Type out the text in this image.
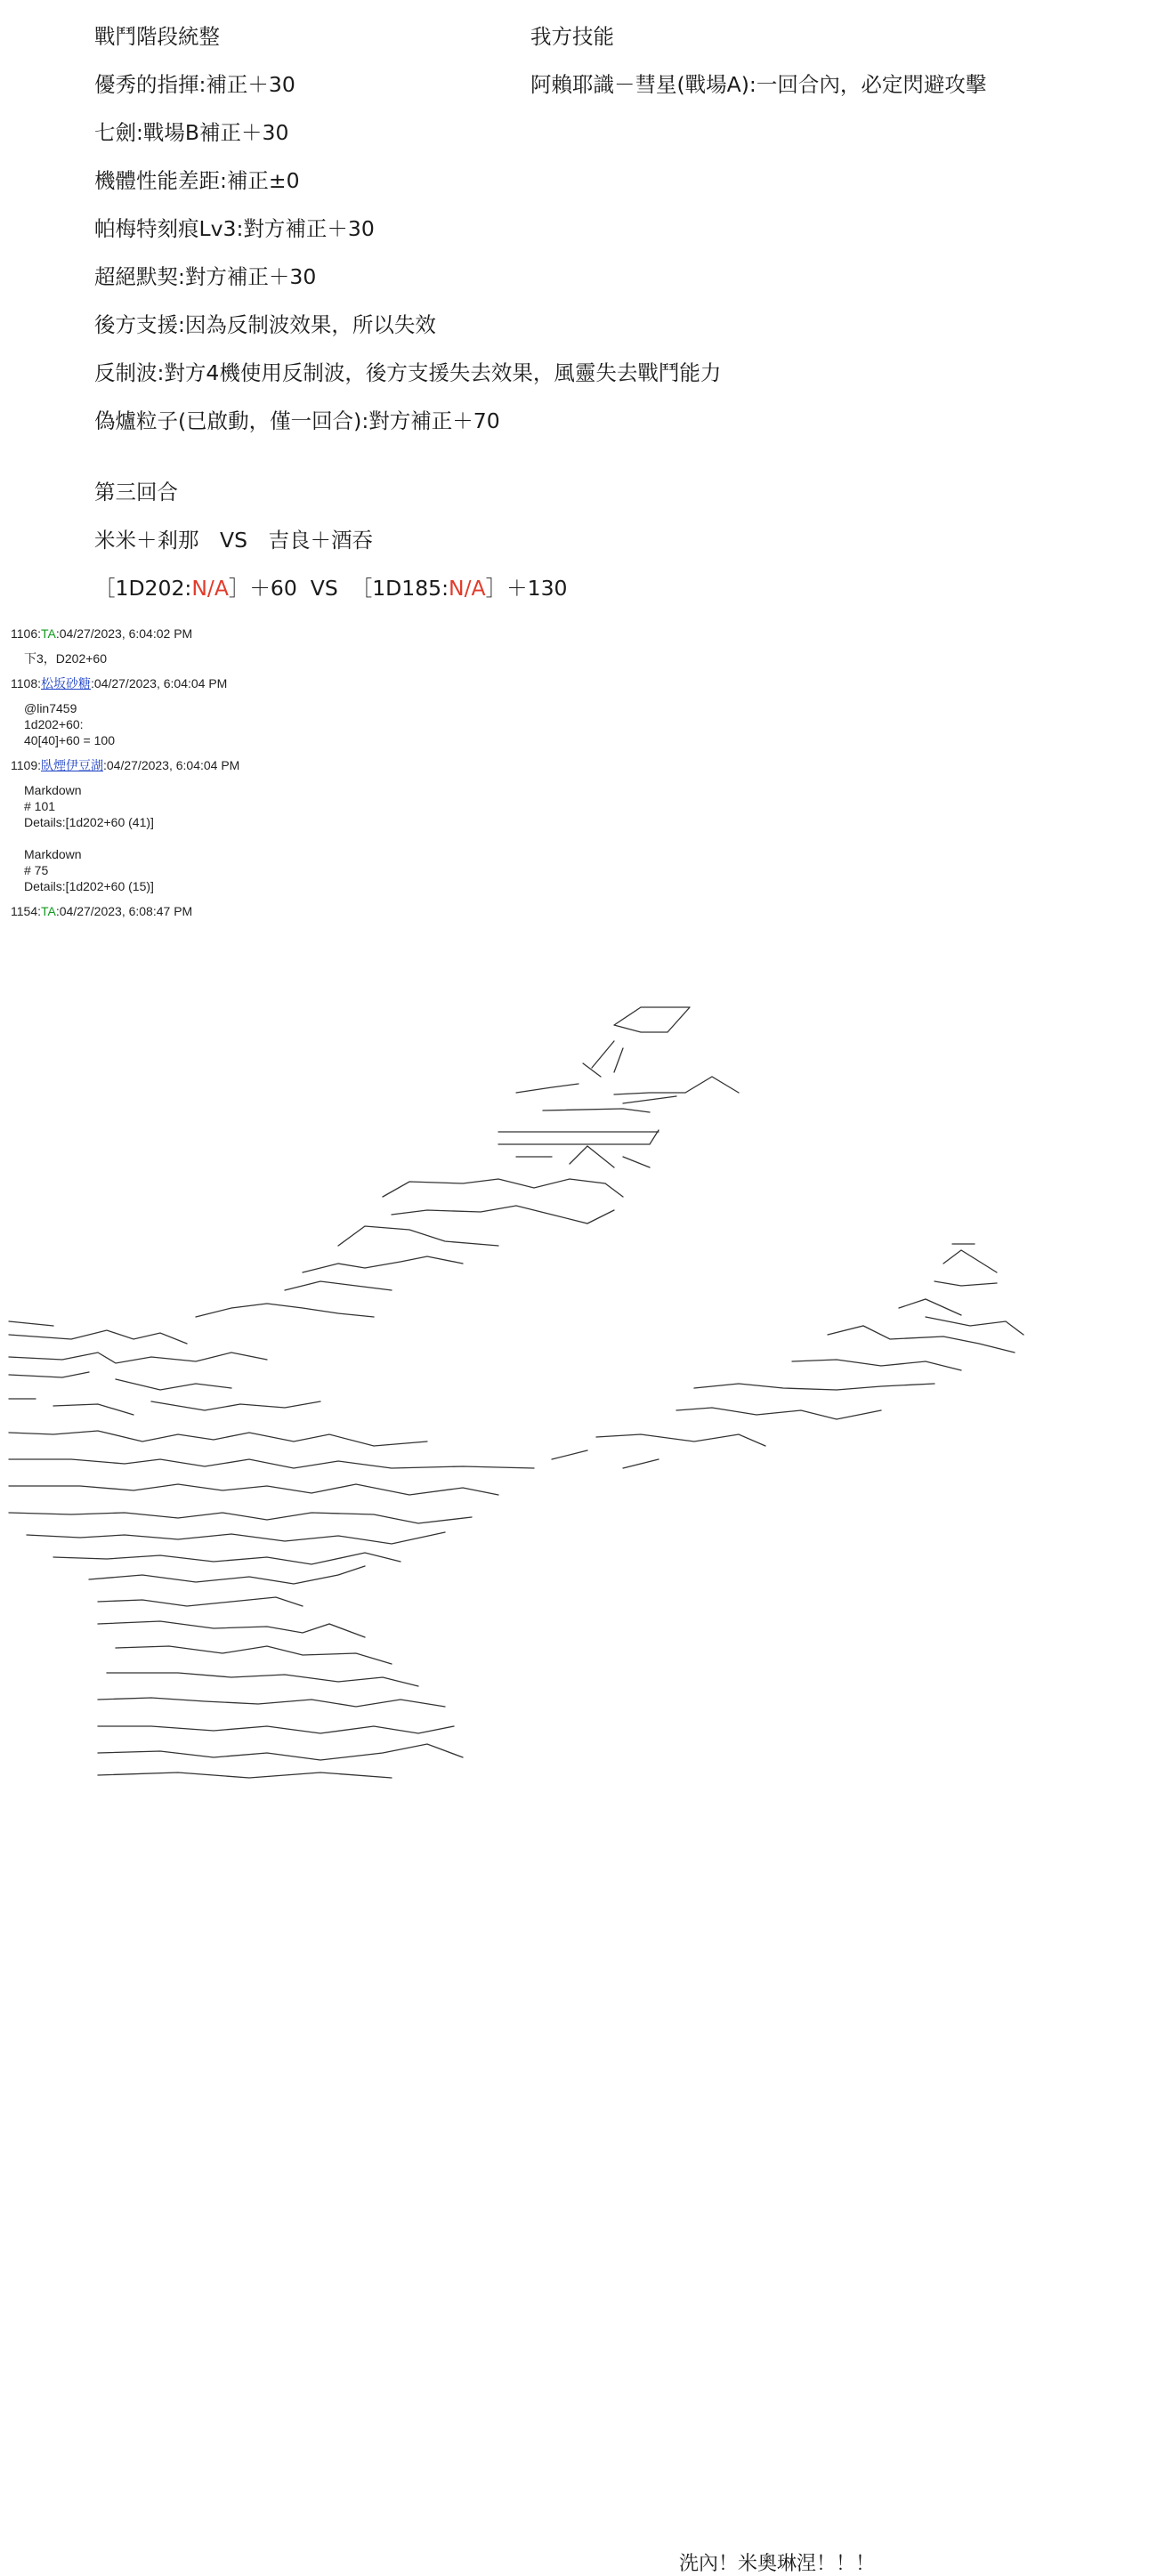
戰鬥階段統整	我方技能
優秀的指揮:補正＋30	阿賴耶識－彗星(戰場A):一回合內，必定閃避攻擊
七劍:戰場B補正＋30
機體性能差距:補正±0
帕梅特刻痕Lv3:對方補正＋30
超絕默契:對方補正＋30
後方支援:因為反制波效果，所以失效
反制波:對方4機使用反制波，後方支援失去效果，風靈失去戰鬥能力
偽爐粒子(已啟動，僅一回合):對方補正＋70
第三回合
米米＋剎那　VS　吉良＋酒吞
［1D202:N/A］＋60 VS ［1D185:N/A］＋130
1106:TA:04/27/2023, 6:04:02 PM
下3，D202+60
1108:松坂砂糖:04/27/2023, 6:04:04 PM
@lin7459
1d202+60:
40[40]+60 = 100
1109:臥煙伊豆湖:04/27/2023, 6:04:04 PM
Markdown
# 101
Details:[1d202+60 (41)]
Markdown
# 75
Details:[1d202+60 (15)]
1154:TA:04/27/2023, 6:08:47 PM
洗內！米奧琳涅！！！
